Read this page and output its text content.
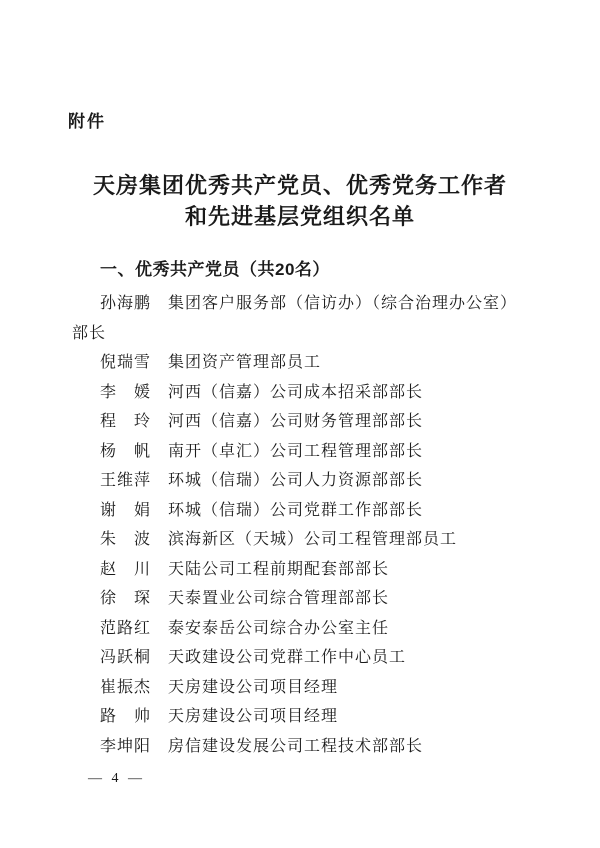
附件
天房集团优秀共产党员、优秀党务工作者
和先进基层党组织名单
一、优秀共产党员（共20名）

孙海鹏 集团客户服务部（信访办）（综合治理办公室）部长

倪瑞雪 集团资产管理部员工

李　媛 河西（信嘉）公司成本招采部部长

程　玲 河西（信嘉）公司财务管理部部长

杨　帆 南开（卓汇）公司工程管理部部长

王维萍 环城（信瑞）公司人力资源部部长

谢　娟 环城（信瑞）公司党群工作部部长

朱　波 滨海新区（天城）公司工程管理部员工

赵　川 天陆公司工程前期配套部部长

徐　琛 天泰置业公司综合管理部部长

范路红 泰安泰岳公司综合办公室主任

冯跃桐 天政建设公司党群工作中心员工

崔振杰 天房建设公司项目经理

路　帅 天房建设公司项目经理

李坤阳 房信建设发展公司工程技术部部长

— 4 —
